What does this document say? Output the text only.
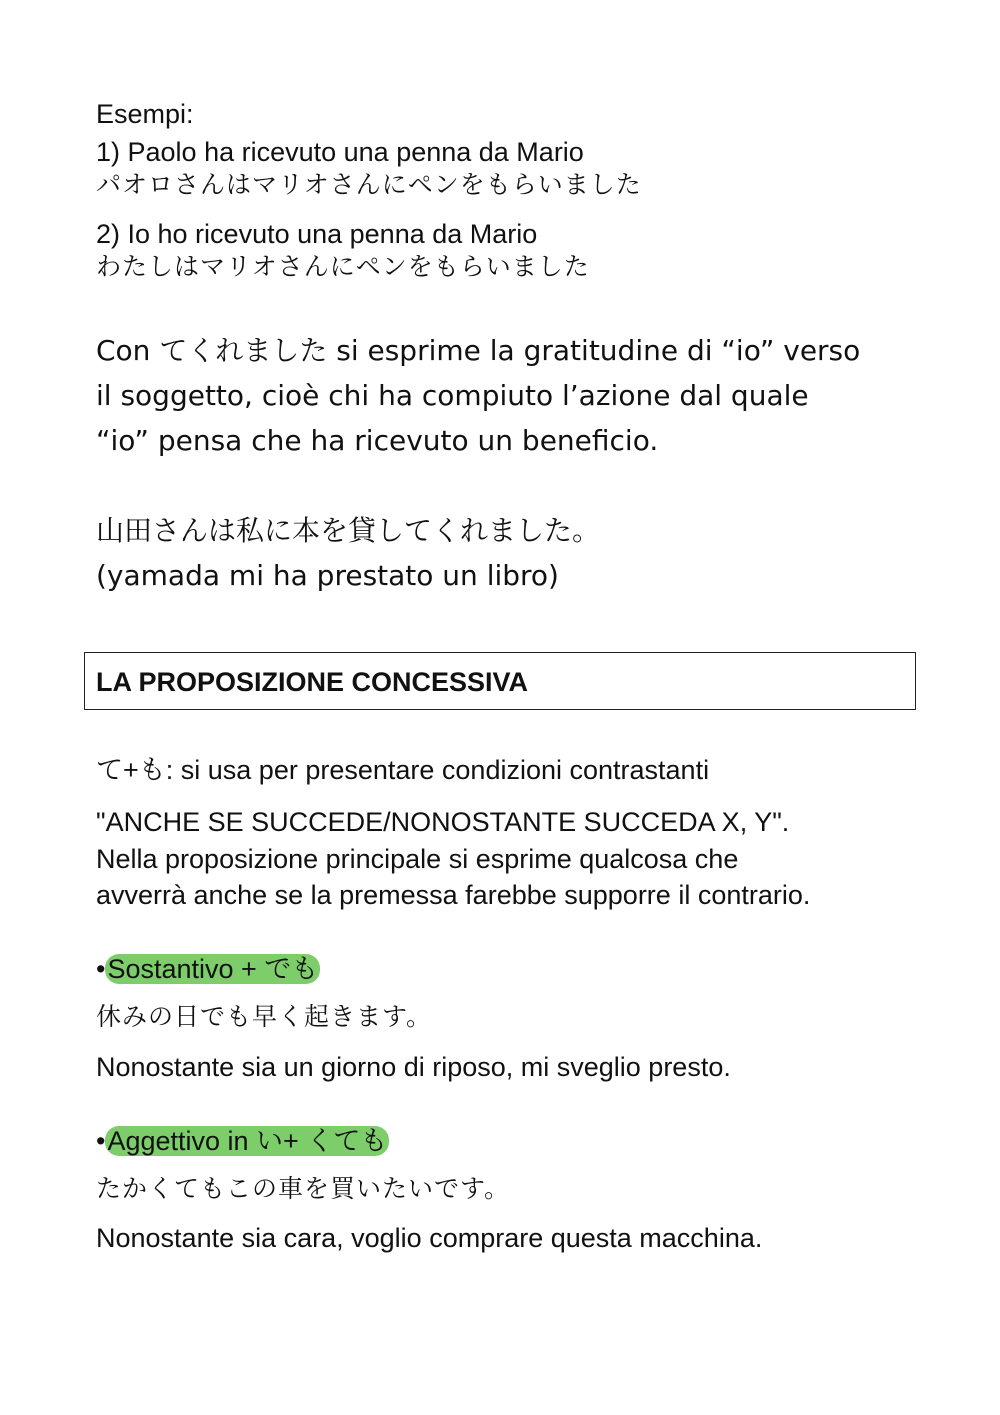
Esempi:
1) Paolo ha ricevuto una penna da Mario
パオロさんはマリオさんにペンをもらいました
2) Io ho ricevuto una penna da Mario
わたしはマリオさんにペンをもらいました
Con てくれました si esprime la gratitudine di “io” verso
il soggetto, cioè chi ha compiuto l’azione dal quale
“io” pensa che ha ricevuto un beneficio.
山田さんは私に本を貸してくれました。
(yamada mi ha prestato un libro)
LA PROPOSIZIONE CONCESSIVA
て+も: si usa per presentare condizioni contrastanti
"ANCHE SE SUCCEDE/NONOSTANTE SUCCEDA X, Y".
Nella proposizione principale si esprime qualcosa che
avverrà anche se la premessa farebbe supporre il contrario.
•Sostantivo + でも
休みの日でも早く起きます。
Nonostante sia un giorno di riposo, mi sveglio presto.
•Aggettivo in い+ くても
たかくてもこの車を買いたいです。
Nonostante sia cara, voglio comprare questa macchina.
